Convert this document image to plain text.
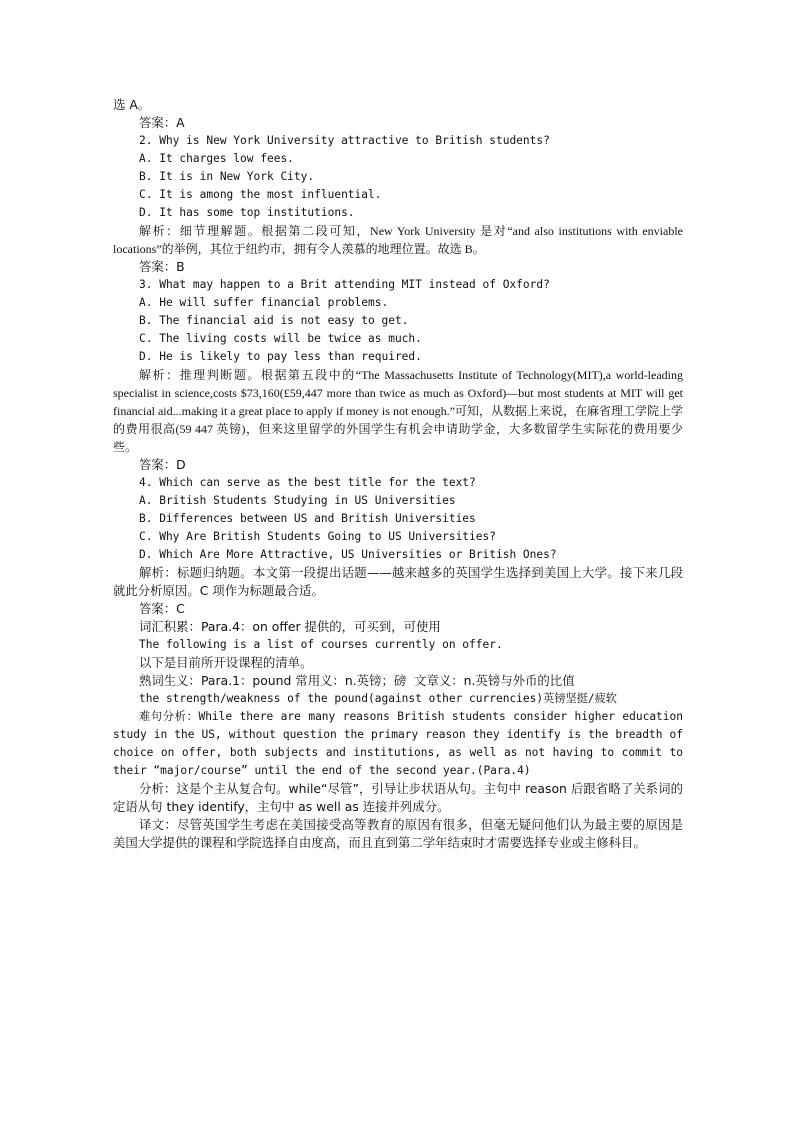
选 A。

答案：A

2. Why is New York University attractive to British students?

A. It charges low fees.

B. It is in New York City.

C. It is among the most influential.

D. It has some top institutions.

解析：细节理解题。根据第二段可知，New York University 是对“and also institutions with enviable locations”的举例，其位于纽约市，拥有令人羡慕的地理位置。故选 B。

答案：B

3. What may happen to a Brit attending MIT instead of Oxford?

A. He will suffer financial problems.

B. The financial aid is not easy to get.

C. The living costs will be twice as much.

D. He is likely to pay less than required.

解析：推理判断题。根据第五段中的“The Massachusetts Institute of Technology(MIT),a world-leading specialist in science,costs $73,160(£59,447 more than twice as much as Oxford)—but most students at MIT will get financial aid...making it a great place to apply if money is not enough.”可知，从数据上来说，在麻省理工学院上学的费用很高(59 447 英镑)，但来这里留学的外国学生有机会申请助学金，大多数留学生实际花的费用要少些。

答案：D

4. Which can serve as the best title for the text?

A. British Students Studying in US Universities

B. Differences between US and British Universities

C. Why Are British Students Going to US Universities?

D. Which Are More Attractive, US Universities or British Ones?

解析：标题归纳题。本文第一段提出话题——越来越多的英国学生选择到美国上大学。接下来几段就此分析原因。C 项作为标题最合适。

答案：C

词汇积累：Para.4：on offer 提供的，可买到，可使用

The following is a list of courses currently on offer.

以下是目前所开设课程的清单。

熟词生义：Para.1：pound 常用义：n.英镑；磅  文章义：n.英镑与外币的比值

the strength/weakness of the pound(against other currencies)英镑坚挺/疲软

难句分析：While there are many reasons British students consider higher education study in the US, without question the primary reason they identify is the breadth of choice on offer, both subjects and institutions, as well as not having to commit to their “major/course” until the end of the second year.(Para.4)

分析：这是个主从复合句。while“尽管”，引导让步状语从句。主句中 reason 后跟省略了关系词的定语从句 they identify，主句中 as well as 连接并列成分。

译文：尽管英国学生考虑在美国接受高等教育的原因有很多，但毫无疑问他们认为最主要的原因是美国大学提供的课程和学院选择自由度高，而且直到第二学年结束时才需要选择专业或主修科目。
